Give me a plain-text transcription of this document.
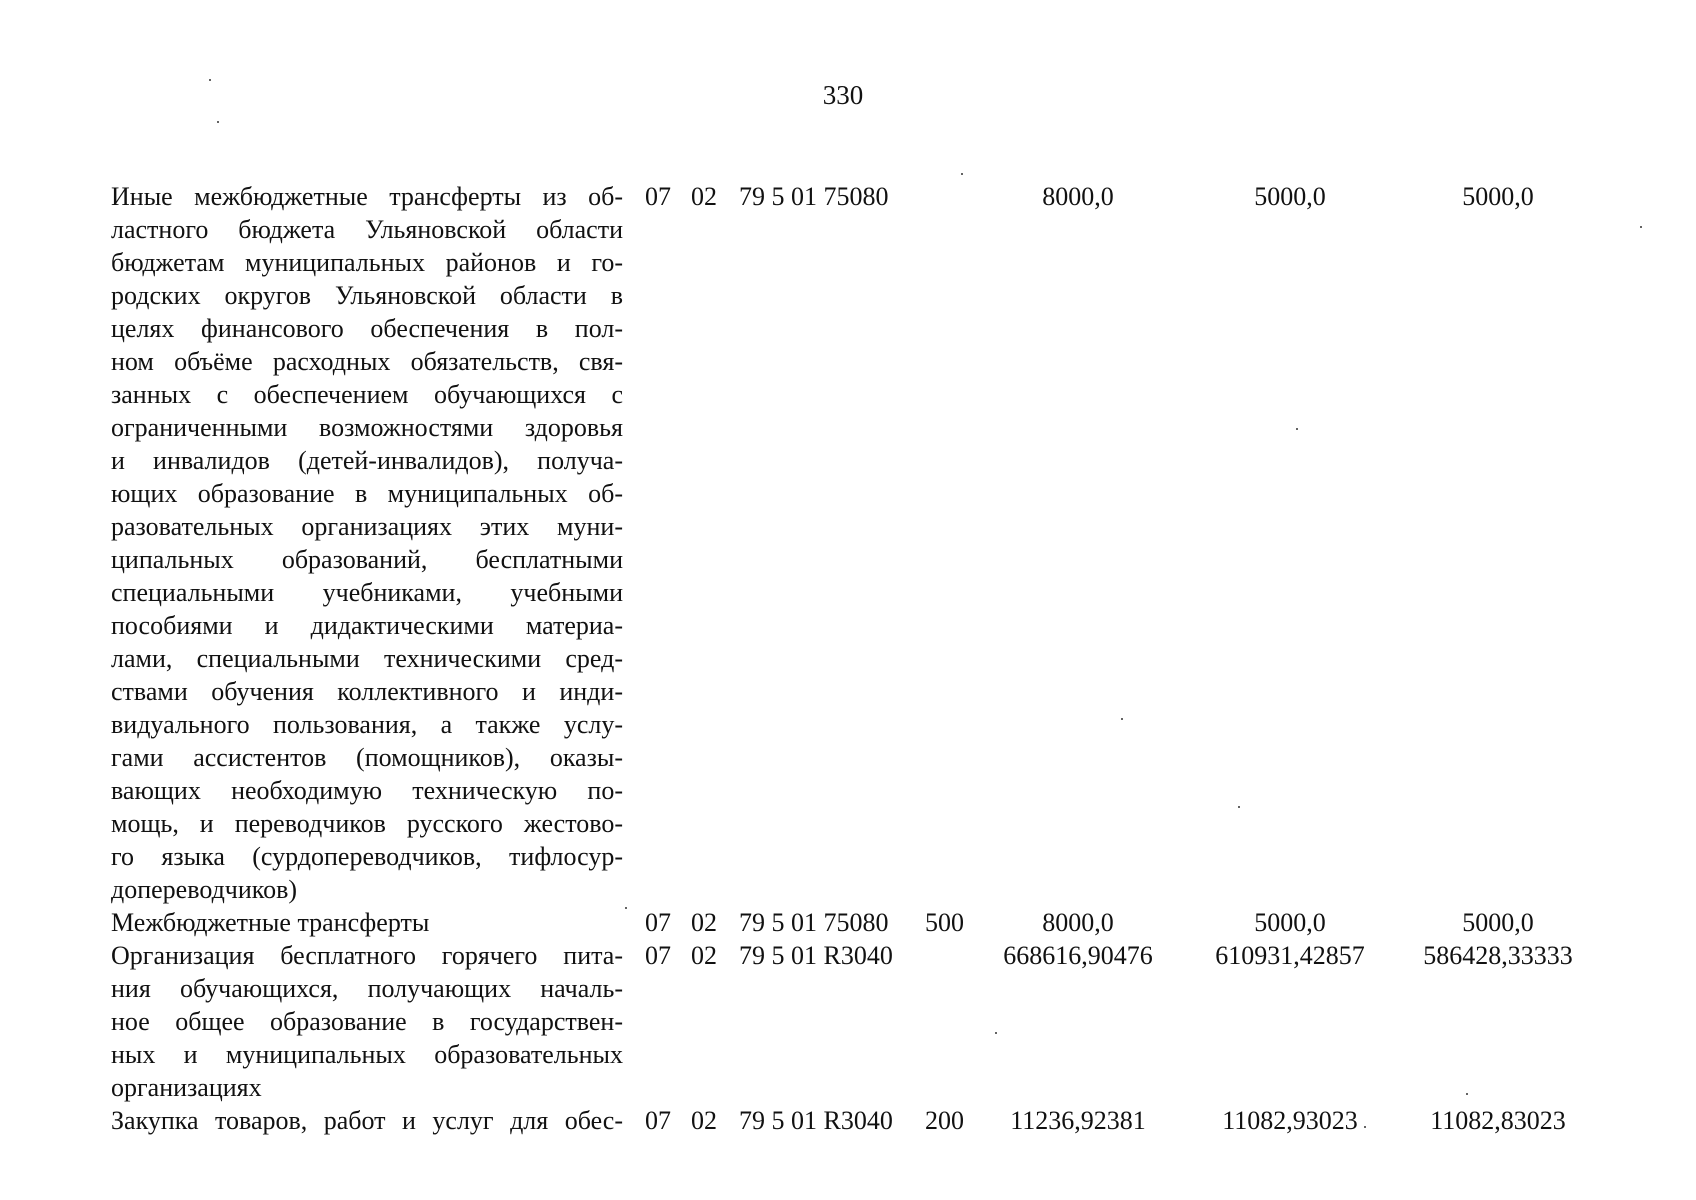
330
Иные межбюджетные трансферты из об-
ластного бюджета Ульяновской области
бюджетам муниципальных районов и го-
родских округов Ульяновской области в
целях финансового обеспечения в пол-
ном объёме расходных обязательств, свя-
занных с обеспечением обучающихся с
ограниченными возможностями здоровья
и инвалидов (детей-инвалидов), получа-
ющих образование в муниципальных об-
разовательных организациях этих муни-
ципальных образований, бесплатными
специальными учебниками, учебными
пособиями и дидактическими материа-
лами, специальными техническими сред-
ствами обучения коллективного и инди-
видуального пользования, а также услу-
гами ассистентов (помощников), оказы-
вающих необходимую техническую по-
мощь, и переводчиков русского жестово-
го языка (сурдопереводчиков, тифлосур-
допереводчиков)
07 02 79 5 01 75080	8000,0	5000,0	5000,0
Межбюджетные трансферты	07 02 79 5 01 75080 500	8000,0	5000,0	5000,0
Организация бесплатного горячего пита-
ния обучающихся, получающих началь-
ное общее образование в государствен-
ных и муниципальных образовательных
организациях
07 02 79 5 01 R3040	668616,90476	610931,42857	586428,33333
Закупка товаров, работ и услуг для обес- 07 02 79 5 01 R3040 200	11236,92381	11082,93023	11082,83023
